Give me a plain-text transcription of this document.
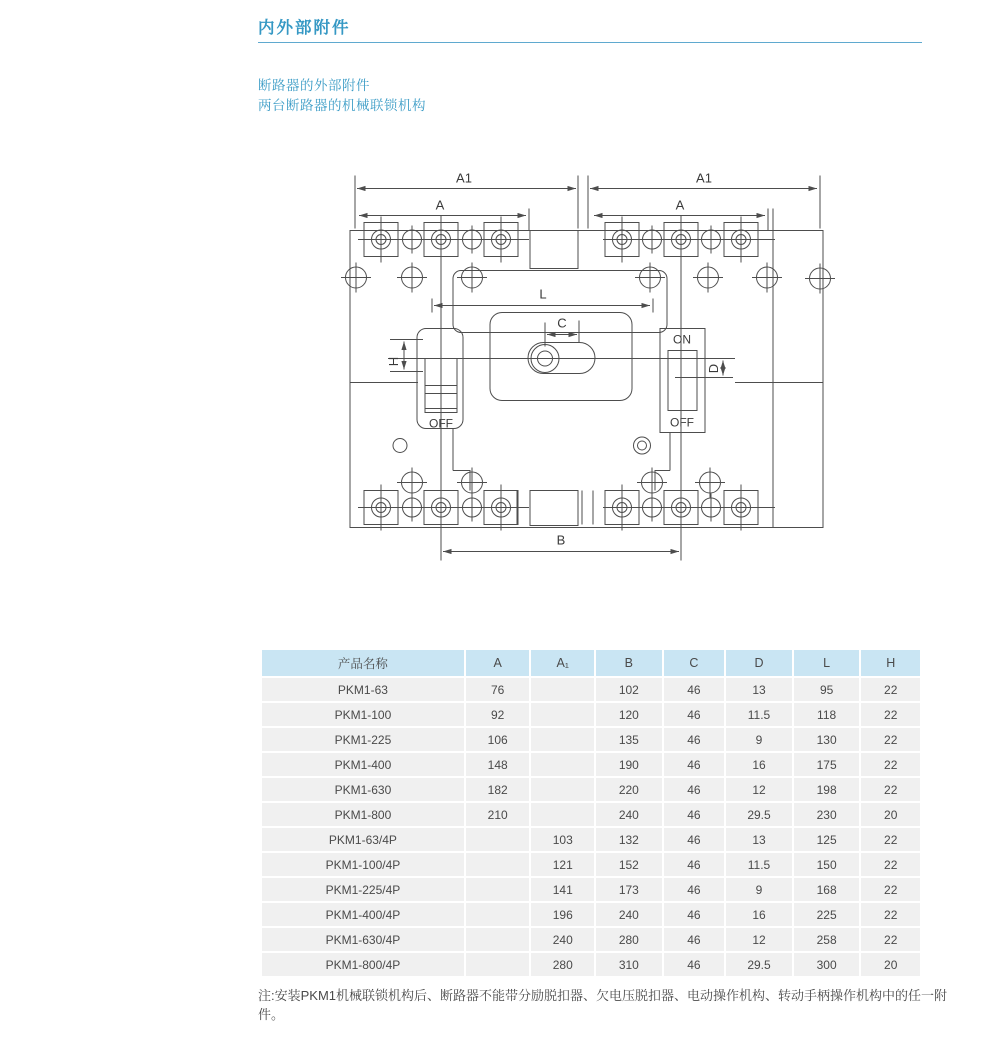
内外部附件
断路器的外部附件
两台断路器的机械联锁机构
OFF
ON
OFF
A1	A1
A	A
L
C
H
D
B
产品名称	A	A₁	B	C	D	L	H
PKM1-63	76		102	46	13	95	22
PKM1-100	92		120	46	11.5	118	22
PKM1-225	106		135	46	9	130	22
PKM1-400	148		190	46	16	175	22
PKM1-630	182		220	46	12	198	22
PKM1-800	210		240	46	29.5	230	20
PKM1-63/4P		103	132	46	13	125	22
PKM1-100/4P		121	152	46	11.5	150	22
PKM1-225/4P		141	173	46	9	168	22
PKM1-400/4P		196	240	46	16	225	22
PKM1-630/4P		240	280	46	12	258	22
PKM1-800/4P		280	310	46	29.5	300	20
注:安装PKM1机械联锁机构后、断路器不能带分励脱扣器、欠电压脱扣器、电动操作机构、转动手柄操作机构中的任一附件。
